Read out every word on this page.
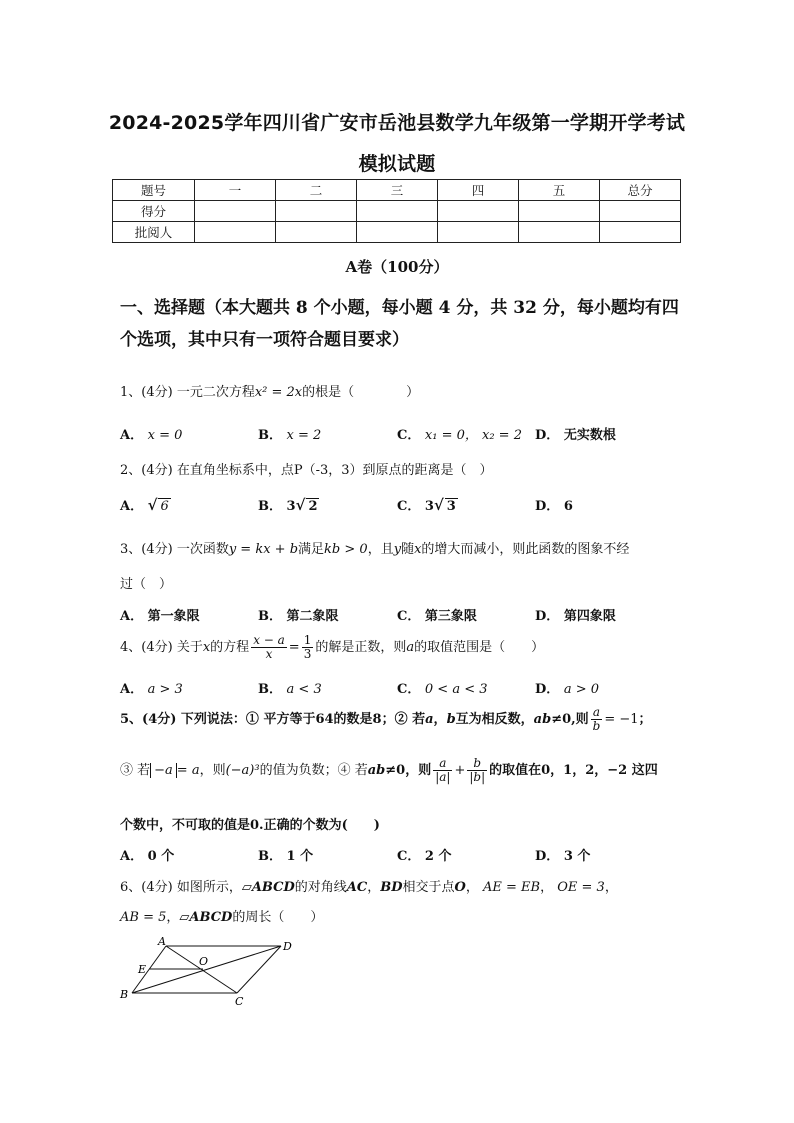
2024-2025学年四川省广安市岳池县数学九年级第一学期开学考试
模拟试题
题号	一	二	三	四	五	总分
得分						
批阅人						
A卷（100分）
一、选择题（本大题共 8 个小题，每小题 4 分，共 32 分，每小题均有四个选项，其中只有一项符合题目要求）
1、(4分) 一元二次方程x² = 2x的根是（　　　　）
A． x = 0	B． x = 2	C． x₁ = 0， x₂ = 2 D． 无实数根
2、(4分) 在直角坐标系中，点P（-3，3）到原点的距离是（　）
A． √ 6	B． 3√ 2	C． 3√ 3	D． 6
3、(4分) 一次函数y = kx + b满足kb > 0，且y随x的增大而减小，则此函数的图象不经
过（　）
A． 第一象限	B． 第二象限	C． 第三象限	D． 第四象限
4、(4分) 关于x的方程 $\frac{x - a}{x} = \frac{1}{3}$ 的解是正数，则a的取值范围是（　　）
A． a > 3	B． a < 3	C． 0 < a < 3	D． a > 0
5、(4分) 下列说法：① 平方等于64的数是8；② 若a，b互为相反数，ab≠0,则 $\frac{a}{b} = -1$；
③ 若 −a = a，则(−a)³的值为负数；④ 若ab≠0，则 $\frac{a}{|a|} + \frac{b}{|b|}$ 的取值在0，1，2，−2 这四
个数中，不可取的值是0.正确的个数为(　　)
A． 0 个	B． 1 个	C． 2 个	D． 3 个
6、(4分) 如图所示，▱ABCD的对角线AC，BD相交于点O， AE = EB， OE = 3，
AB = 5，▱ABCD的周长（　　）
A	D
E
O
B
C
